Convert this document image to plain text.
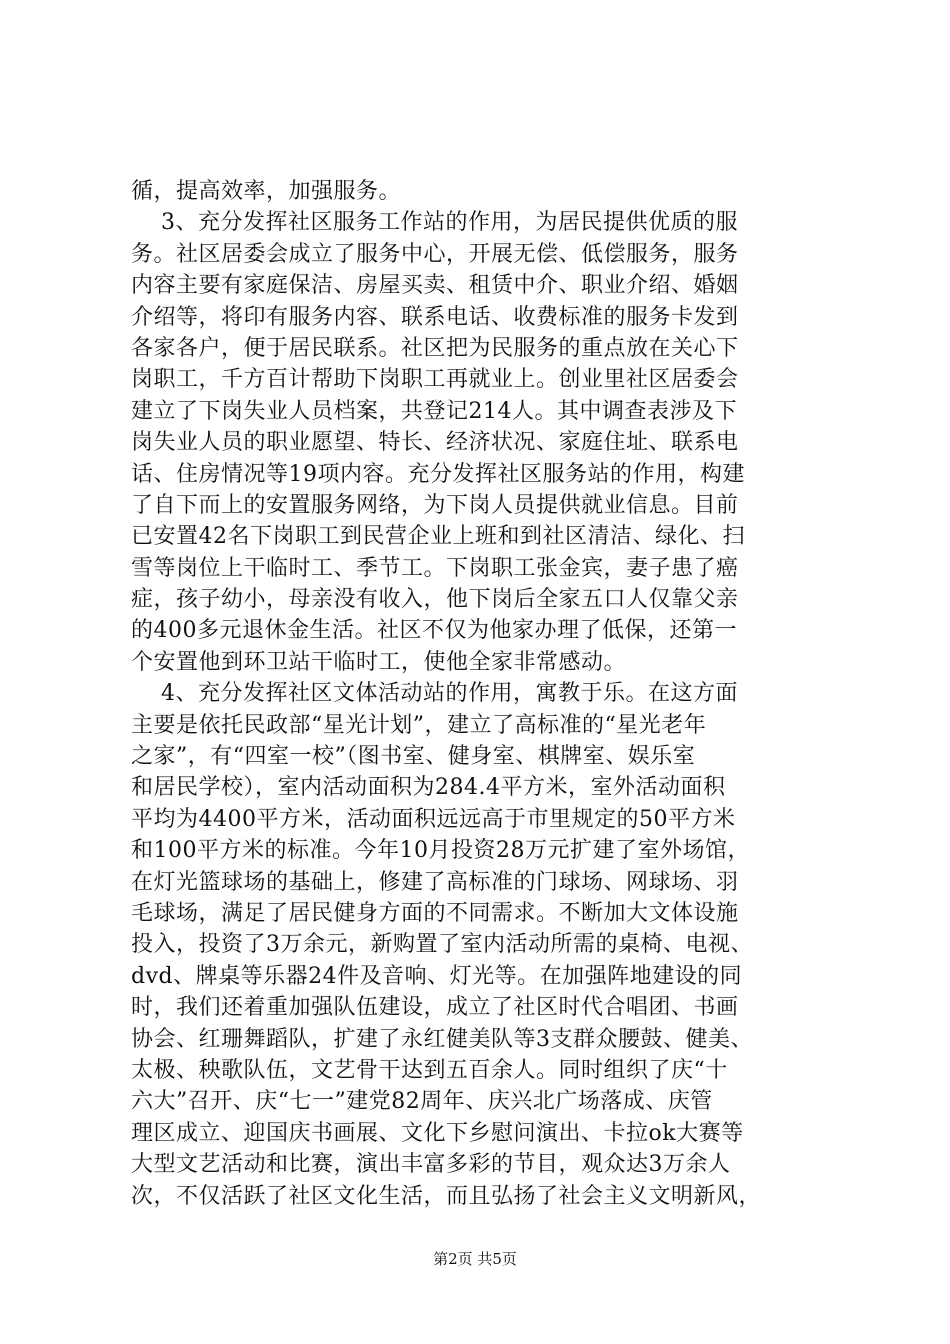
循，提高效率，加强服务。
3、充分发挥社区服务工作站的作用，为居民提供优质的服
务。社区居委会成立了服务中心，开展无偿、低偿服务，服务
内容主要有家庭保洁、房屋买卖、租赁中介、职业介绍、婚姻
介绍等，将印有服务内容、联系电话、收费标准的服务卡发到
各家各户，便于居民联系。社区把为民服务的重点放在关心下
岗职工，千方百计帮助下岗职工再就业上。创业里社区居委会
建立了下岗失业人员档案，共登记214人。其中调查表涉及下
岗失业人员的职业愿望、特长、经济状况、家庭住址、联系电
话、住房情况等19项内容。充分发挥社区服务站的作用，构建
了自下而上的安置服务网络，为下岗人员提供就业信息。目前
已安置42名下岗职工到民营企业上班和到社区清洁、绿化、扫
雪等岗位上干临时工、季节工。下岗职工张金宾，妻子患了癌
症，孩子幼小，母亲没有收入，他下岗后全家五口人仅靠父亲
的400多元退休金生活。社区不仅为他家办理了低保，还第一
个安置他到环卫站干临时工，使他全家非常感动。
4、充分发挥社区文体活动站的作用，寓教于乐。在这方面
主要是依托民政部“星光计划”，建立了高标准的“星光老年
之家”，有“四室一校”（图书室、健身室、棋牌室、娱乐室
和居民学校），室内活动面积为284.4平方米，室外活动面积
平均为4400平方米，活动面积远远高于市里规定的50平方米
和100平方米的标准。今年10月投资28万元扩建了室外场馆，
在灯光篮球场的基础上，修建了高标准的门球场、网球场、羽
毛球场，满足了居民健身方面的不同需求。不断加大文体设施
投入，投资了3万余元，新购置了室内活动所需的桌椅、电视、
dvd、牌桌等乐器24件及音响、灯光等。在加强阵地建设的同
时，我们还着重加强队伍建设，成立了社区时代合唱团、书画
协会、红珊舞蹈队，扩建了永红健美队等3支群众腰鼓、健美、
太极、秧歌队伍，文艺骨干达到五百余人。同时组织了庆“十
六大”召开、庆“七一”建党82周年、庆兴北广场落成、庆管
理区成立、迎国庆书画展、文化下乡慰问演出、卡拉ok大赛等
大型文艺活动和比赛，演出丰富多彩的节目，观众达3万余人
次，不仅活跃了社区文化生活，而且弘扬了社会主义文明新风，
第2页 共5页
